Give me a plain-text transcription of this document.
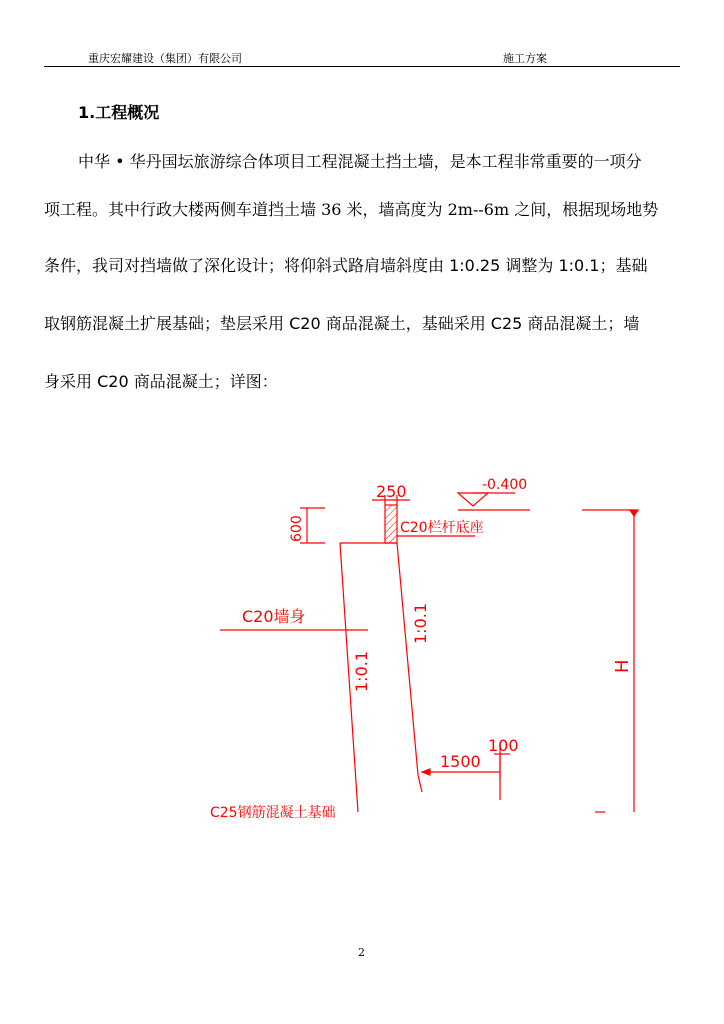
重庆宏耀建设（集团）有限公司	施工方案
1.工程概况
中华 • 华丹国坛旅游综合体项目工程混凝土挡土墙，是本工程非常重要的一项分
项工程。其中行政大楼两侧车道挡土墙 36 米，墙高度为 2m--6m 之间，根据现场地势
条件，我司对挡墙做了深化设计；将仰斜式路肩墙斜度由 1:0.25 调整为 1:0.1；基础
取钢筋混凝土扩展基础；垫层采用 C20 商品混凝土，基础采用 C25 商品混凝土；墙
身采用 C20 商品混凝土；详图：
250
600
-0.400
C20栏杆底座
C20墙身
1:0.1
1:0.1
H
1500
100
C25钢筋混凝土基础
2
